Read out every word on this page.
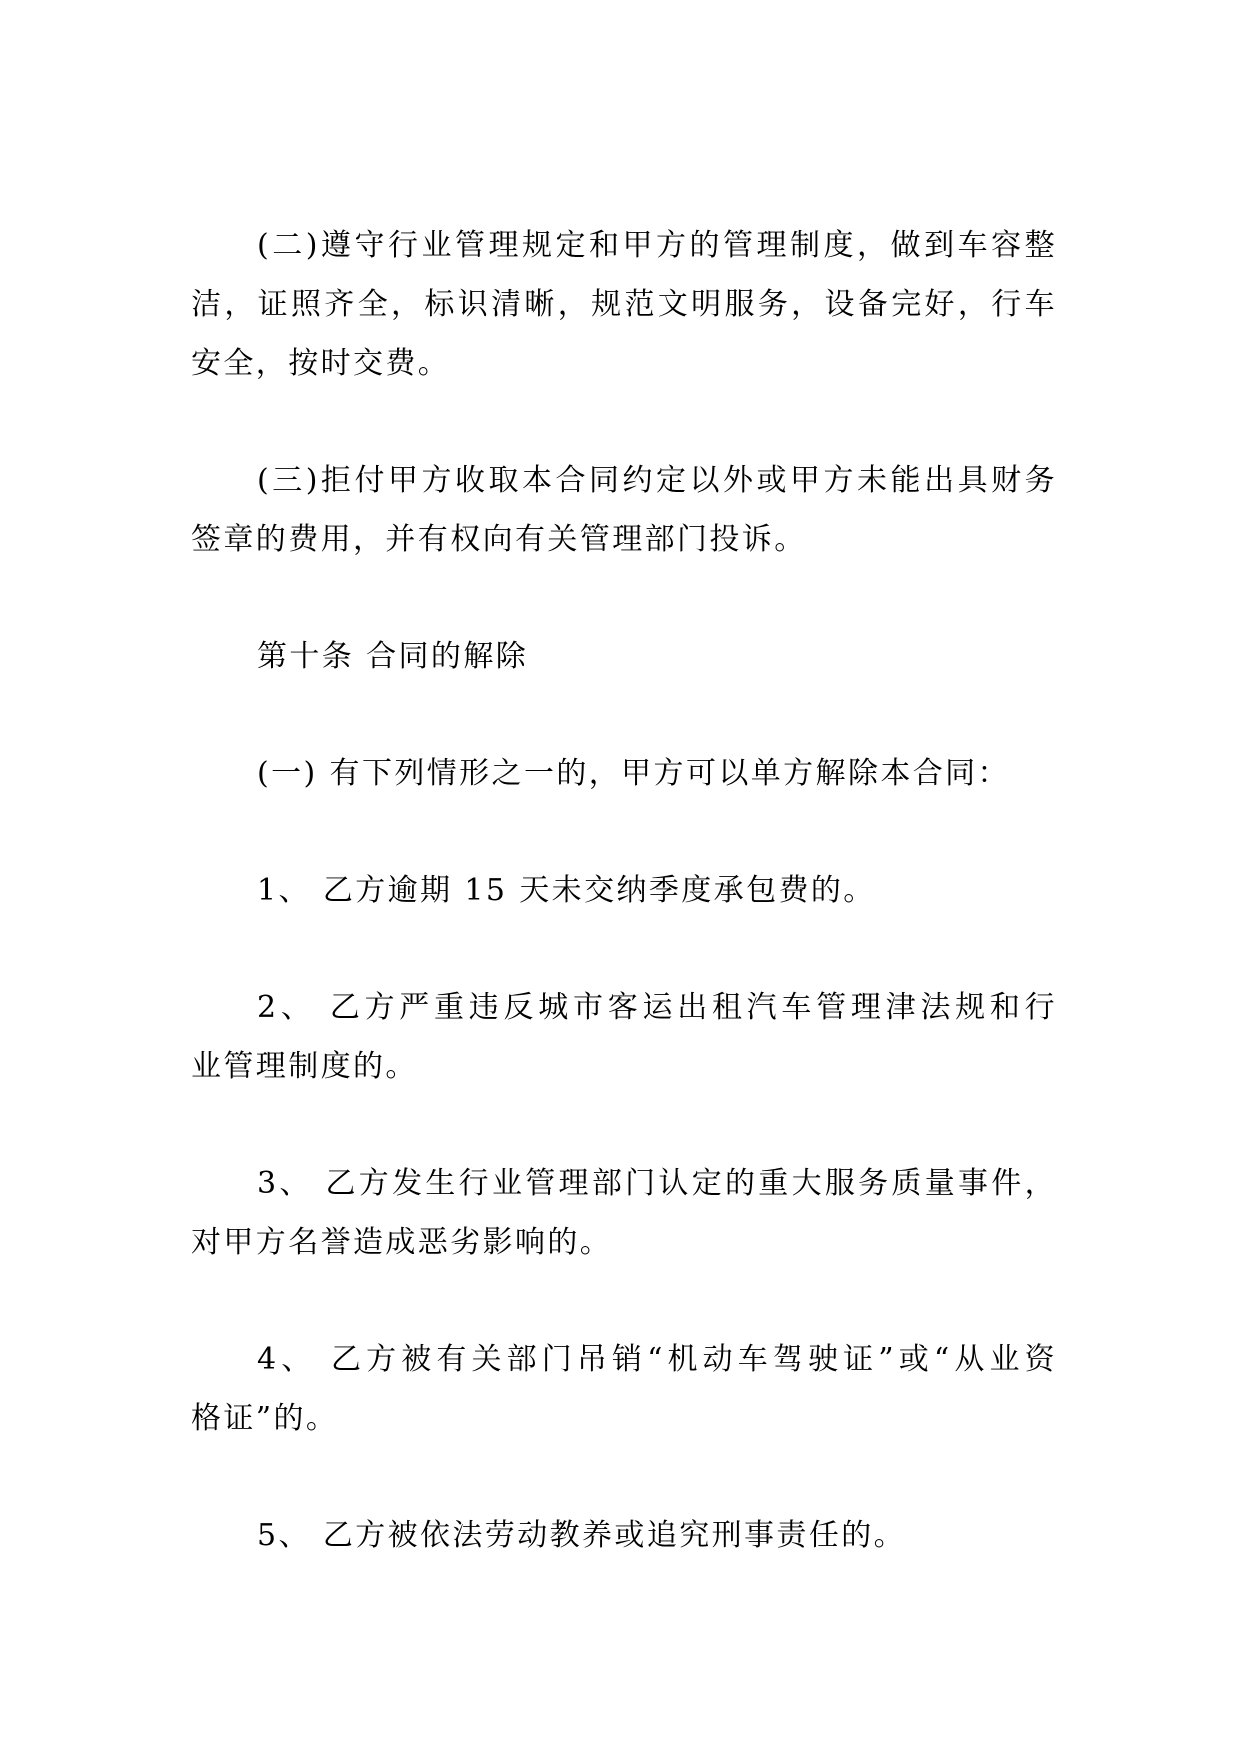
(二)遵守行业管理规定和甲方的管理制度，做到车容整
洁，证照齐全，标识清晰，规范文明服务，设备完好，行车
安全，按时交费。
(三)拒付甲方收取本合同约定以外或甲方未能出具财务
签章的费用，并有权向有关管理部门投诉。
第十条 合同的解除
(一) 有下列情形之一的，甲方可以单方解除本合同：
1、 乙方逾期 15 天未交纳季度承包费的。
2、 乙方严重违反城市客运出租汽车管理津法规和行
业管理制度的。
3、 乙方发生行业管理部门认定的重大服务质量事件，
对甲方名誉造成恶劣影响的。
4、 乙方被有关部门吊销“机动车驾驶证”或“从业资
格证”的。
5、 乙方被依法劳动教养或追究刑事责任的。
